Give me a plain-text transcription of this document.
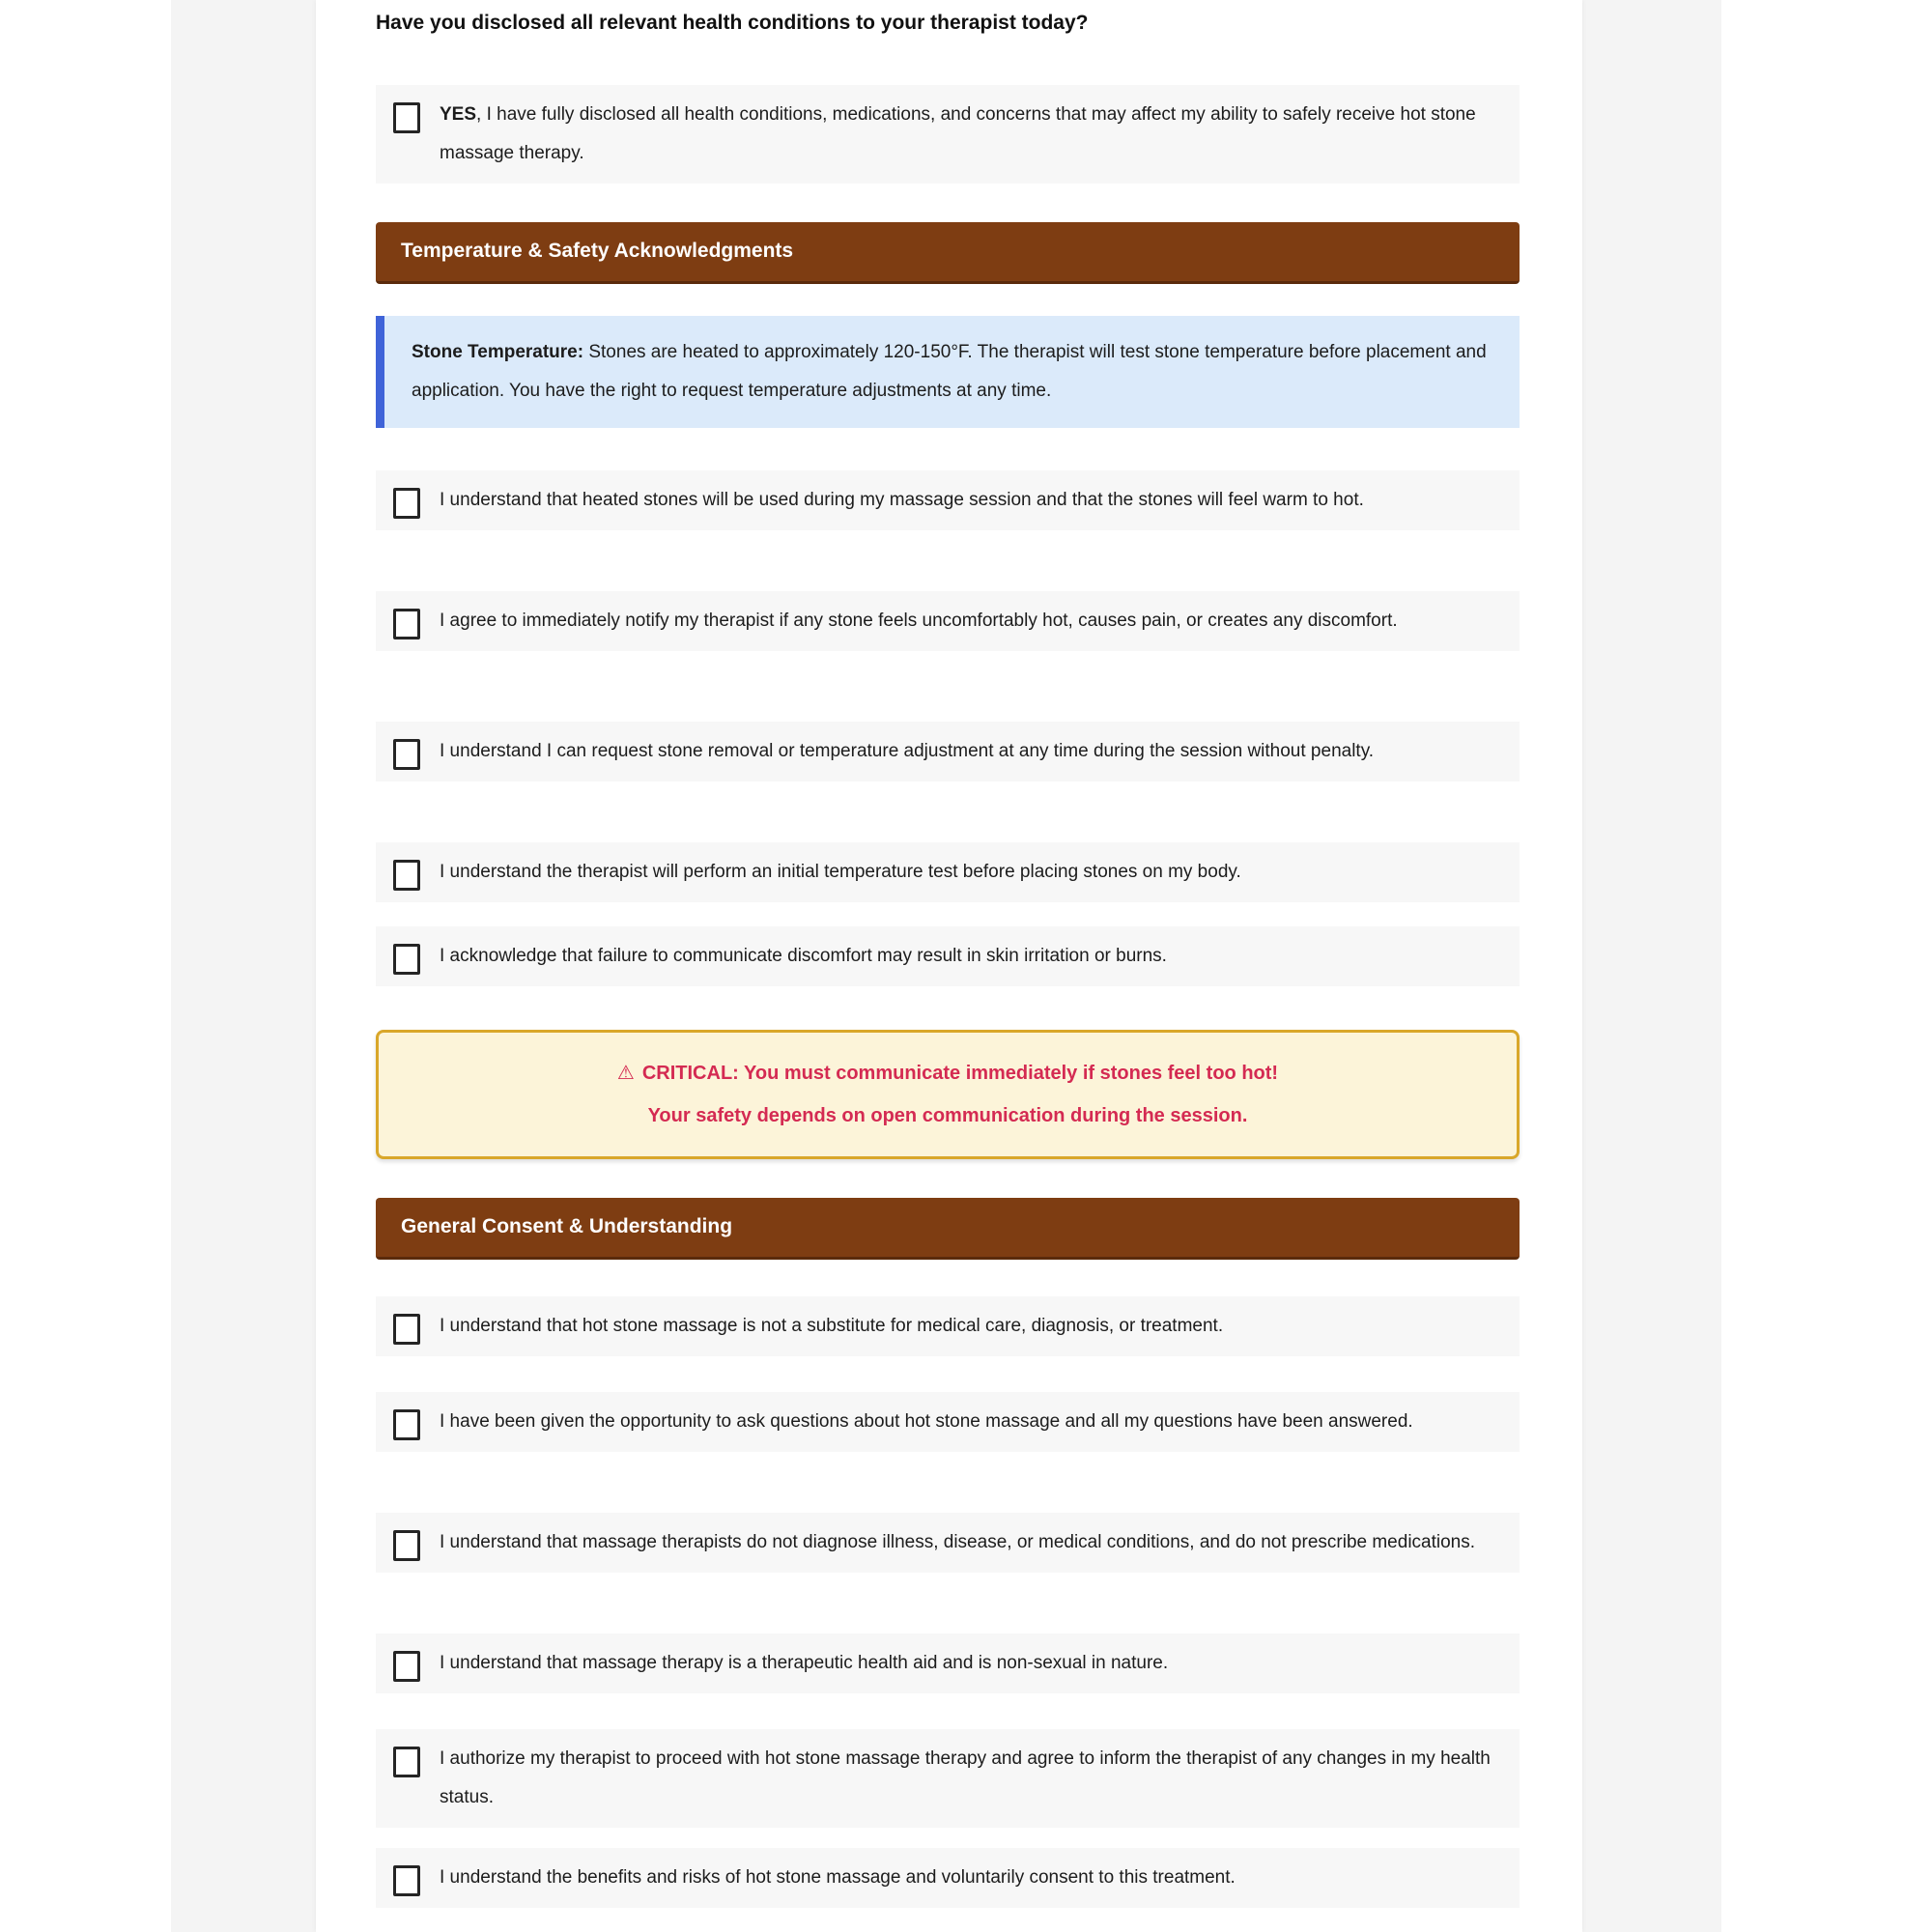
Have you disclosed all relevant health conditions to your therapist today?
YES, I have fully disclosed all health conditions, medications, and concerns that may affect my ability to safely receive hot stone massage therapy.
Temperature & Safety Acknowledgments
Stone Temperature: Stones are heated to approximately 120-150°F. The therapist will test stone temperature before placement and application. You have the right to request temperature adjustments at any time.
I understand that heated stones will be used during my massage session and that the stones will feel warm to hot.
I agree to immediately notify my therapist if any stone feels uncomfortably hot, causes pain, or creates any discomfort.
I understand I can request stone removal or temperature adjustment at any time during the session without penalty.
I understand the therapist will perform an initial temperature test before placing stones on my body.
I acknowledge that failure to communicate discomfort may result in skin irritation or burns.
⚠ CRITICAL: You must communicate immediately if stones feel too hot!
Your safety depends on open communication during the session.
General Consent & Understanding
I understand that hot stone massage is not a substitute for medical care, diagnosis, or treatment.
I have been given the opportunity to ask questions about hot stone massage and all my questions have been answered.
I understand that massage therapists do not diagnose illness, disease, or medical conditions, and do not prescribe medications.
I understand that massage therapy is a therapeutic health aid and is non-sexual in nature.
I authorize my therapist to proceed with hot stone massage therapy and agree to inform the therapist of any changes in my health status.
I understand the benefits and risks of hot stone massage and voluntarily consent to this treatment.
